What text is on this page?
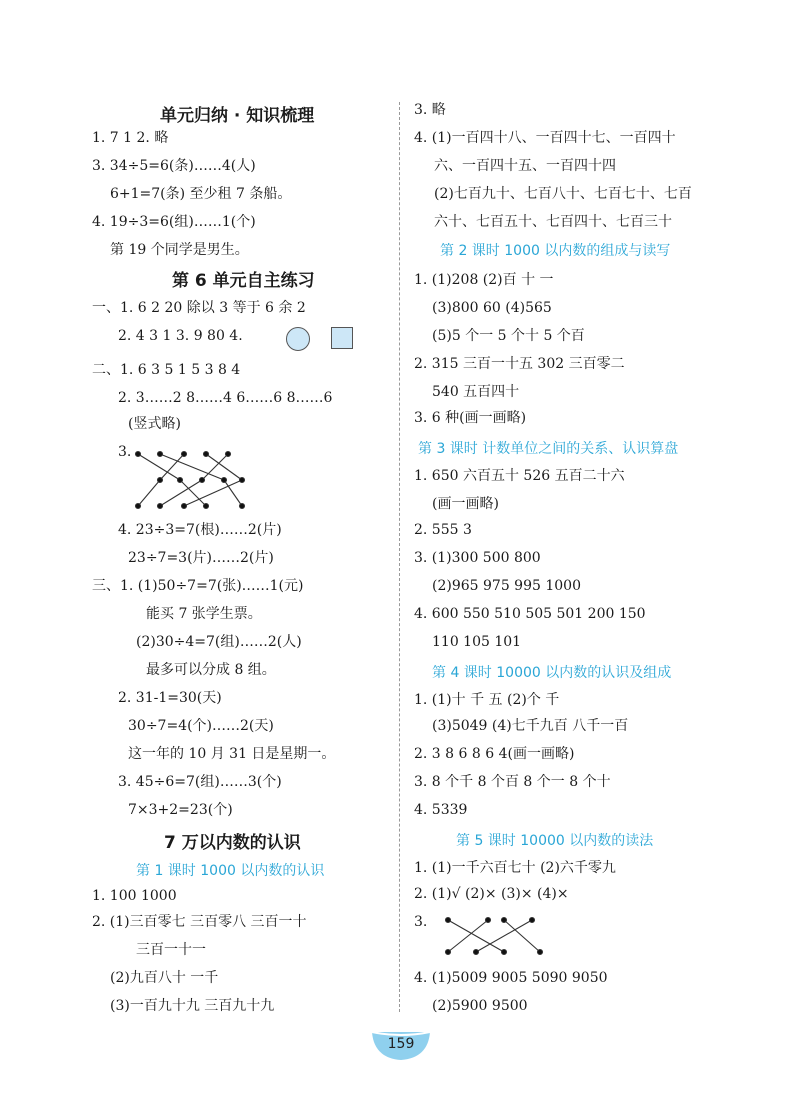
单元归纳 · 知识梳理
1. 7 1 2. 略
3. 34÷5=6(条)……4(人)
6+1=7(条) 至少租 7 条船。
4. 19÷3=6(组)……1(个)
第 19 个同学是男生。
第 6 单元自主练习
一、1. 6 2 20 除以 3 等于 6 余 2
2. 4 3 1 3. 9 80 4.
二、1. 6 3 5 1 5 3 8 4
2. 3……2 8……4 6……6 8……6
(竖式略)
3.
4. 23÷3=7(根)……2(片)
23÷7=3(片)……2(片)
三、1. (1)50÷7=7(张)……1(元)
能买 7 张学生票。
(2)30÷4=7(组)……2(人)
最多可以分成 8 组。
2. 31-1=30(天)
30÷7=4(个)……2(天)
这一年的 10 月 31 日是星期一。
3. 45÷6=7(组)……3(个)
7×3+2=23(个)
7 万以内数的认识
第 1 课时 1000 以内数的认识
1. 100 1000
2. (1)三百零七 三百零八 三百一十
三百一十一
(2)九百八十 一千
(3)一百九十九 三百九十九
3. 略
4. (1)一百四十八、一百四十七、一百四十
六、一百四十五、一百四十四
(2)七百九十、七百八十、七百七十、七百
六十、七百五十、七百四十、七百三十
第 2 课时 1000 以内数的组成与读写
1. (1)208 (2)百 十 一
(3)800 60 (4)565
(5)5 个一 5 个十 5 个百
2. 315 三百一十五 302 三百零二
540 五百四十
3. 6 种(画一画略)
第 3 课时 计数单位之间的关系、认识算盘
1. 650 六百五十 526 五百二十六
(画一画略)
2. 555 3
3. (1)300 500 800
(2)965 975 995 1000
4. 600 550 510 505 501 200 150
110 105 101
第 4 课时 10000 以内数的认识及组成
1. (1)十 千 五 (2)个 千
(3)5049 (4)七千九百 八千一百
2. 3 8 6 8 6 4(画一画略)
3. 8 个千 8 个百 8 个一 8 个十
4. 5339
第 5 课时 10000 以内数的读法
1. (1)一千六百七十 (2)六千零九
2. (1)√ (2)× (3)× (4)×
3.
4. (1)5009 9005 5090 9050
(2)5900 9500
159
